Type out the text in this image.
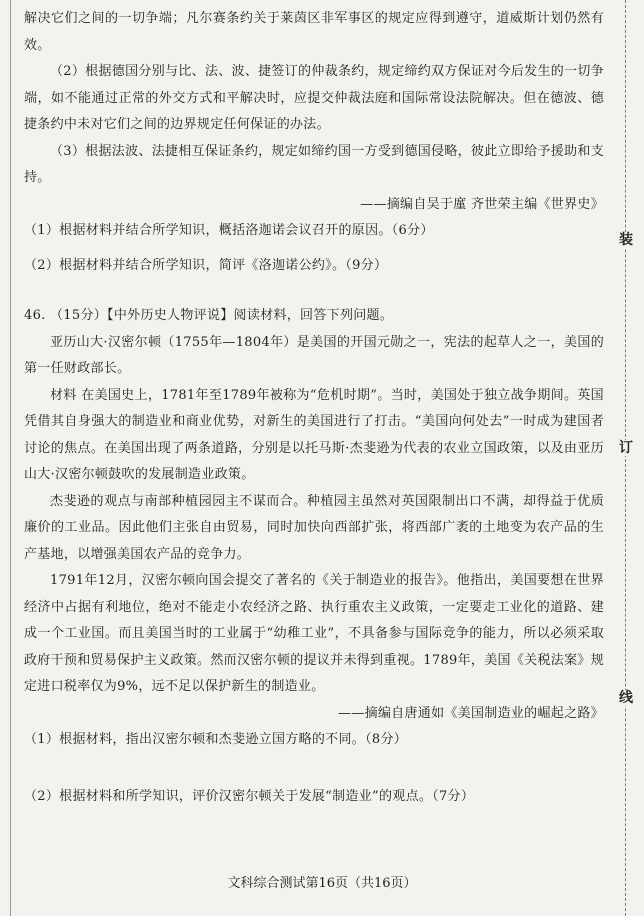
装
订
线

解决它们之间的一切争端；凡尔赛条约关于莱茵区非军事区的规定应得到遵守，道威斯计划仍然有效。

（2）根据德国分别与比、法、波、捷签订的仲裁条约，规定缔约双方保证对今后发生的一切争端，如不能通过正常的外交方式和平解决时，应提交仲裁法庭和国际常设法院解决。但在德波、德捷条约中未对它们之间的边界规定任何保证的办法。

（3）根据法波、法捷相互保证条约，规定如缔约国一方受到德国侵略，彼此立即给予援助和支持。

——摘编自吴于廑 齐世荣主编《世界史》

（1）根据材料并结合所学知识，概括洛迦诺会议召开的原因。（6分）

（2）根据材料并结合所学知识，简评《洛迦诺公约》。（9分）

46. （15分）【中外历史人物评说】阅读材料，回答下列问题。

亚历山大·汉密尔顿（1755年—1804年）是美国的开国元勋之一，宪法的起草人之一，美国的第一任财政部长。

材料 在美国史上，1781年至1789年被称为“危机时期”。当时，美国处于独立战争期间。英国凭借其自身强大的制造业和商业优势，对新生的美国进行了打击。“美国向何处去”一时成为建国者讨论的焦点。在美国出现了两条道路，分别是以托马斯·杰斐逊为代表的农业立国政策，以及由亚历山大·汉密尔顿鼓吹的发展制造业政策。

杰斐逊的观点与南部种植园园主不谋而合。种植园主虽然对英国限制出口不满，却得益于优质廉价的工业品。因此他们主张自由贸易，同时加快向西部扩张，将西部广袤的土地变为农产品的生产基地，以增强美国农产品的竞争力。

1791年12月，汉密尔顿向国会提交了著名的《关于制造业的报告》。他指出，美国要想在世界经济中占据有利地位，绝对不能走小农经济之路、执行重农主义政策，一定要走工业化的道路、建成一个工业国。而且美国当时的工业属于“幼稚工业”，不具备参与国际竞争的能力，所以必须采取政府干预和贸易保护主义政策。然而汉密尔顿的提议并未得到重视。1789年，美国《关税法案》规定进口税率仅为9%，远不足以保护新生的制造业。

——摘编自唐通如《美国制造业的崛起之路》

（1）根据材料，指出汉密尔顿和杰斐逊立国方略的不同。（8分）

（2）根据材料和所学知识，评价汉密尔顿关于发展“制造业”的观点。（7分）

文科综合测试第16页（共16页）
